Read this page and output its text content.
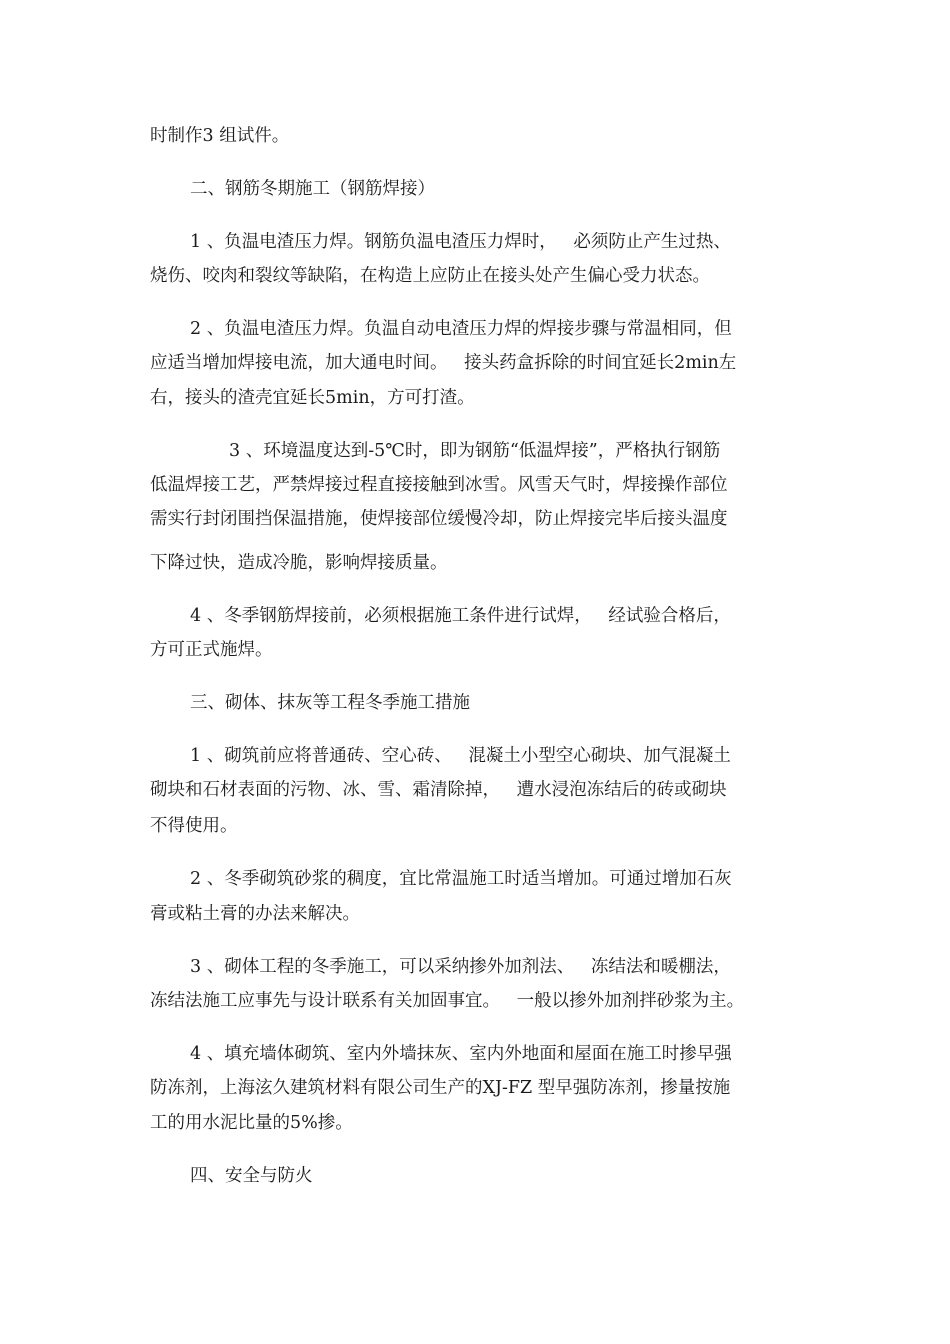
时制作3 组试件。
二、钢筋冬期施工（钢筋焊接）
1 、负温电渣压力焊。钢筋负温电渣压力焊时，   必须防止产生过热、
烧伤、咬肉和裂纹等缺陷，在构造上应防止在接头处产生偏心受力状态。
2 、负温电渣压力焊。负温自动电渣压力焊的焊接步骤与常温相同，但
应适当增加焊接电流，加大通电时间。   接头药盒拆除的时间宜延长2min左
右，接头的渣壳宜延长5min，方可打渣。
3 、环境温度达到-5℃时，即为钢筋“低温焊接”，严格执行钢筋
低温焊接工艺，严禁焊接过程直接接触到冰雪。风雪天气时，焊接操作部位
需实行封闭围挡保温措施，使焊接部位缓慢冷却，防止焊接完毕后接头温度
下降过快，造成冷脆，影响焊接质量。
4 、冬季钢筋焊接前，必须根据施工条件进行试焊，   经试验合格后，
方可正式施焊。
三、砌体、抹灰等工程冬季施工措施
1 、砌筑前应将普通砖、空心砖、   混凝土小型空心砌块、加气混凝土
砌块和石材表面的污物、冰、雪、霜清除掉，   遭水浸泡冻结后的砖或砌块
不得使用。
2 、冬季砌筑砂浆的稠度，宜比常温施工时适当增加。可通过增加石灰
膏或粘土膏的办法来解决。
3 、砌体工程的冬季施工，可以采纳掺外加剂法、   冻结法和暖棚法，
冻结法施工应事先与设计联系有关加固事宜。   一般以掺外加剂拌砂浆为主。
4 、填充墙体砌筑、室内外墙抹灰、室内外地面和屋面在施工时掺早强
防冻剂，上海泫久建筑材料有限公司生产的XJ-FZ 型早强防冻剂，掺量按施
工的用水泥比量的5%掺。
四、安全与防火
